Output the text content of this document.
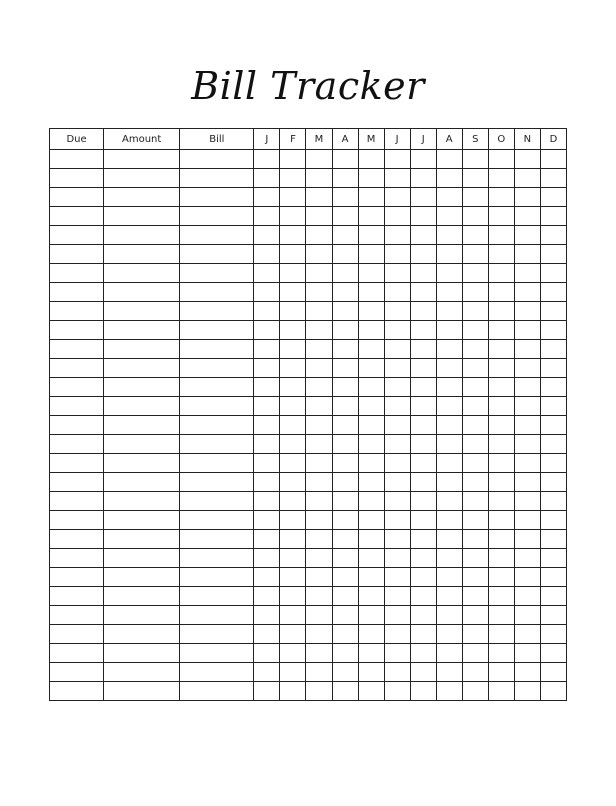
Bill Tracker
Due	Amount	Bill	J	F	M	A	M	J	J	A	S	O	N	D
